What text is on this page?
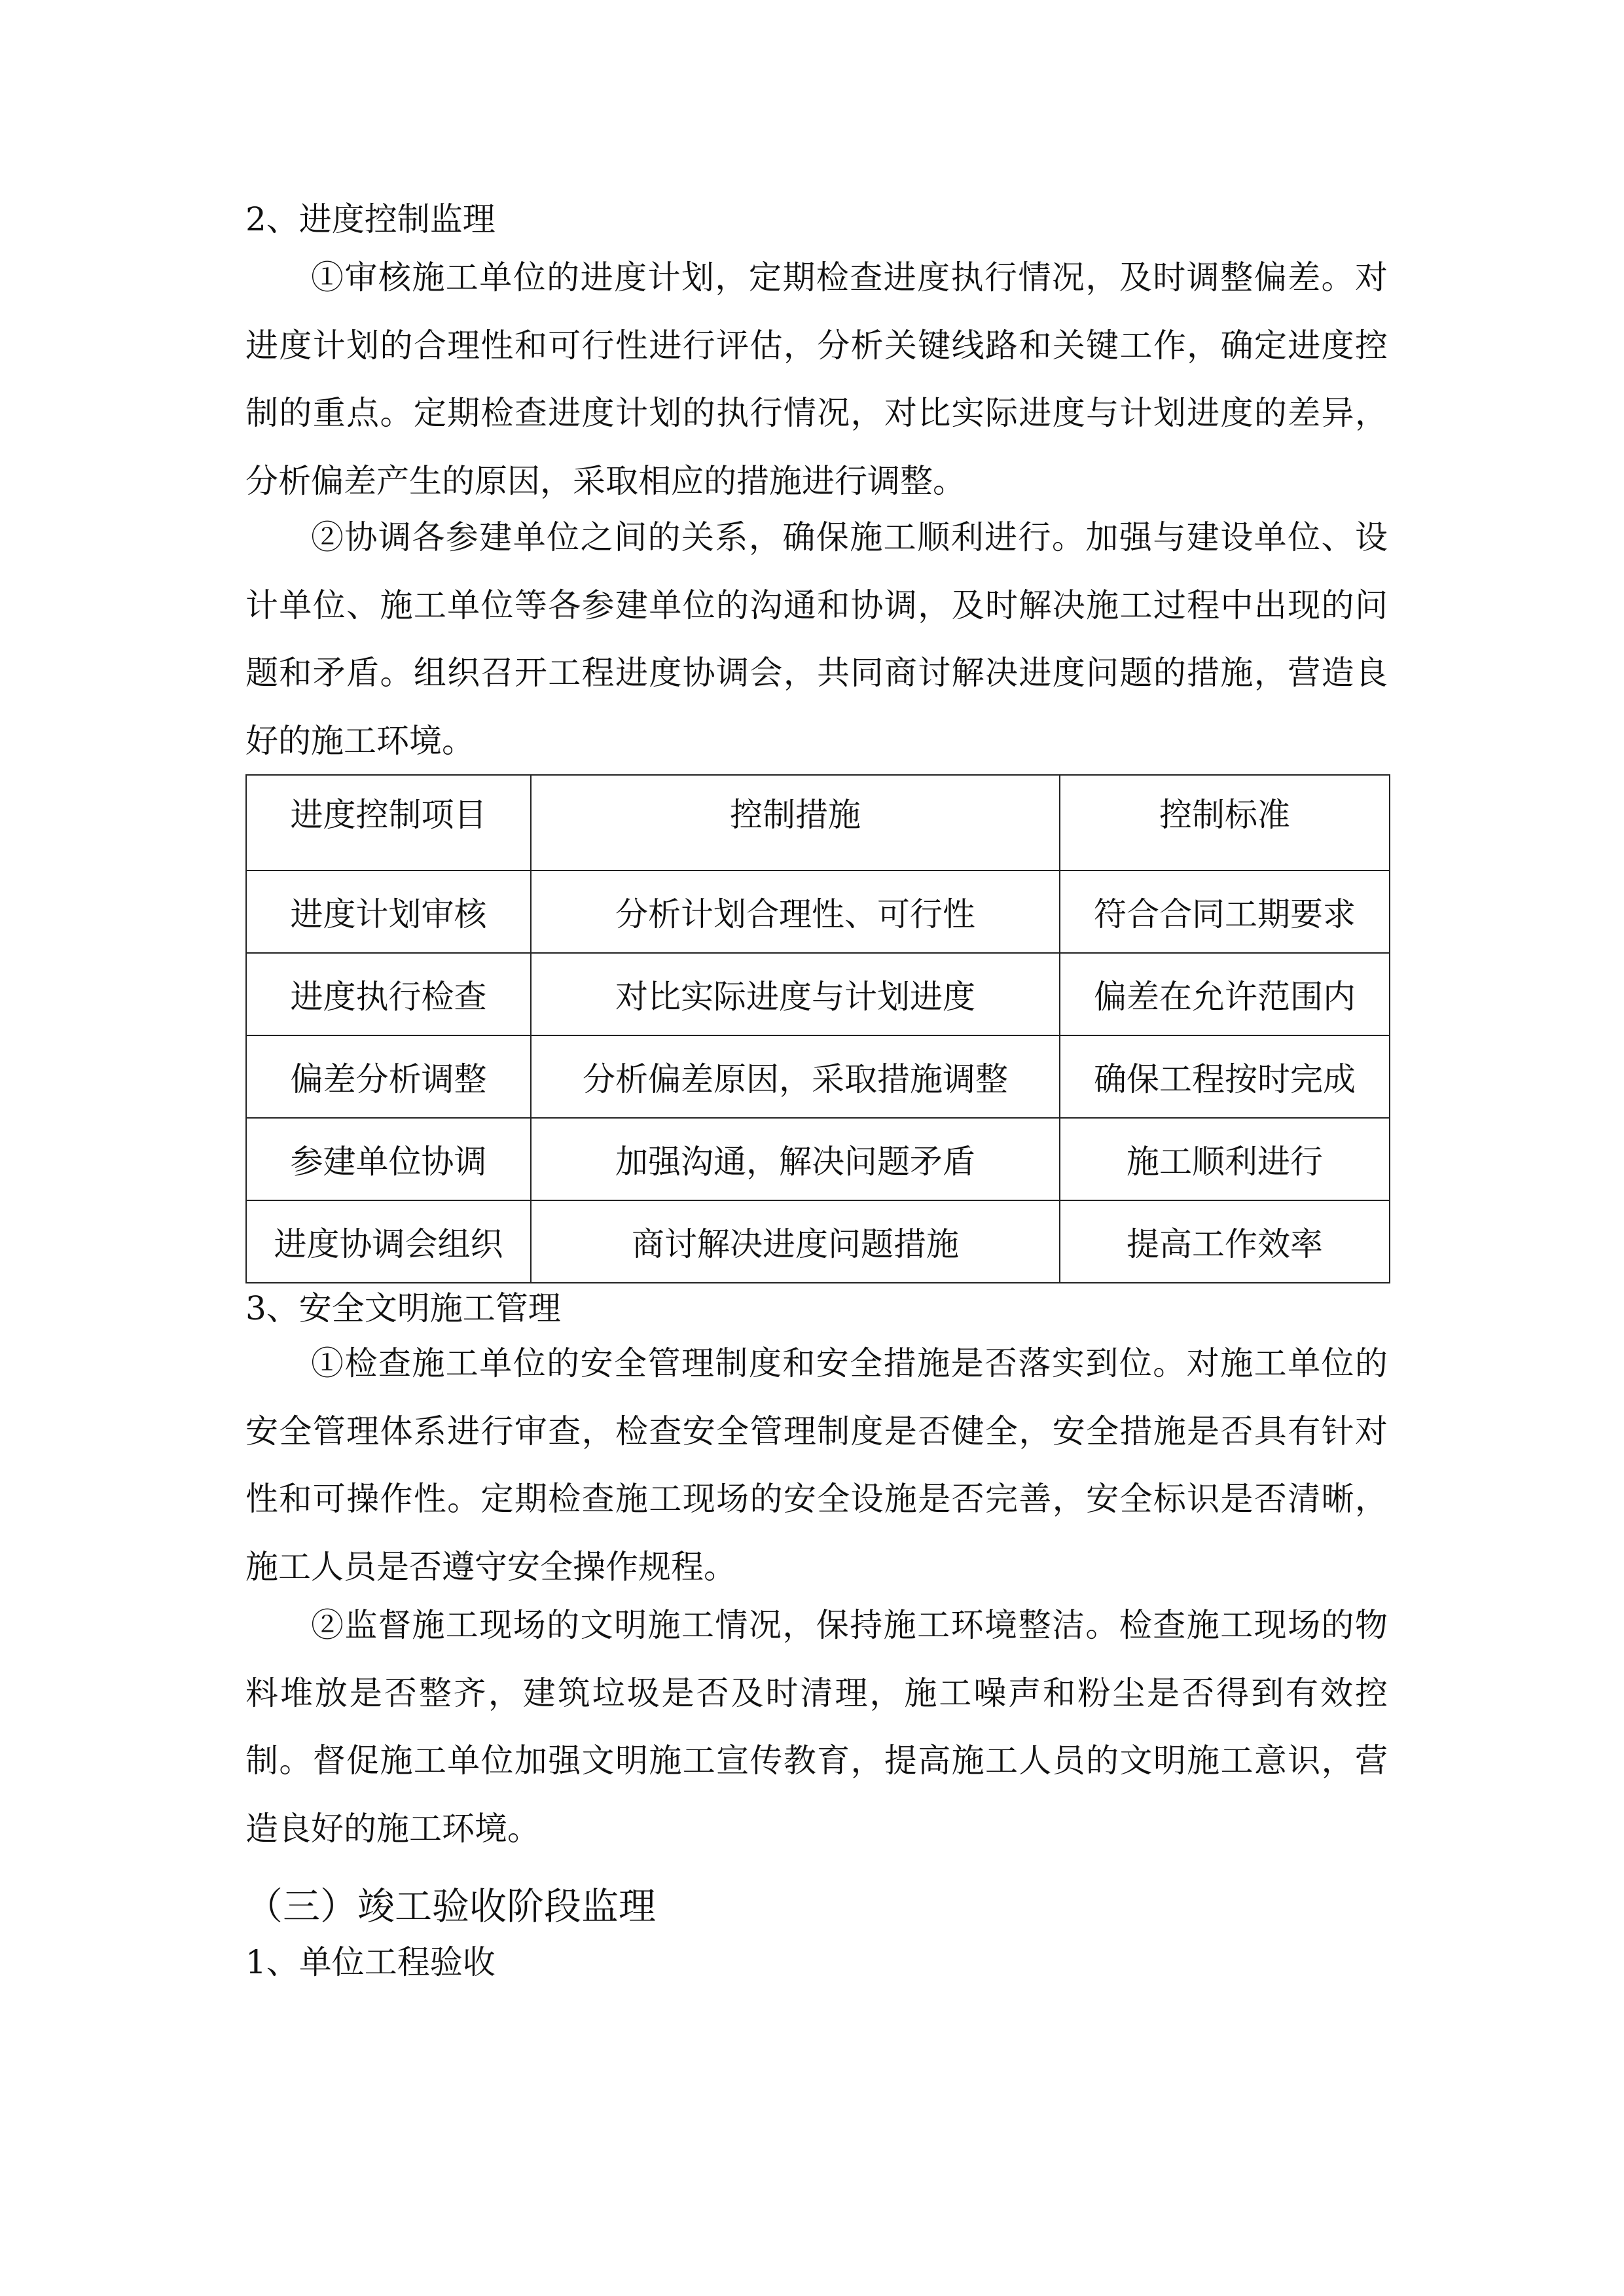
2、进度控制监理
①审核施工单位的进度计划，定期检查进度执行情况，及时调整偏差。对进度计划的合理性和可行性进行评估，分析关键线路和关键工作，确定进度控制的重点。定期检查进度计划的执行情况，对比实际进度与计划进度的差异，分析偏差产生的原因，采取相应的措施进行调整。
②协调各参建单位之间的关系，确保施工顺利进行。加强与建设单位、设计单位、施工单位等各参建单位的沟通和协调，及时解决施工过程中出现的问题和矛盾。组织召开工程进度协调会，共同商讨解决进度问题的措施，营造良好的施工环境。
进度控制项目	控制措施	控制标准
进度计划审核	分析计划合理性、可行性	符合合同工期要求
进度执行检查	对比实际进度与计划进度	偏差在允许范围内
偏差分析调整	分析偏差原因，采取措施调整	确保工程按时完成
参建单位协调	加强沟通，解决问题矛盾	施工顺利进行
进度协调会组织	商讨解决进度问题措施	提高工作效率
3、安全文明施工管理
①检查施工单位的安全管理制度和安全措施是否落实到位。对施工单位的安全管理体系进行审查，检查安全管理制度是否健全，安全措施是否具有针对性和可操作性。定期检查施工现场的安全设施是否完善，安全标识是否清晰，施工人员是否遵守安全操作规程。
②监督施工现场的文明施工情况，保持施工环境整洁。检查施工现场的物料堆放是否整齐，建筑垃圾是否及时清理，施工噪声和粉尘是否得到有效控制。督促施工单位加强文明施工宣传教育，提高施工人员的文明施工意识，营造良好的施工环境。
（三）竣工验收阶段监理
1、单位工程验收
